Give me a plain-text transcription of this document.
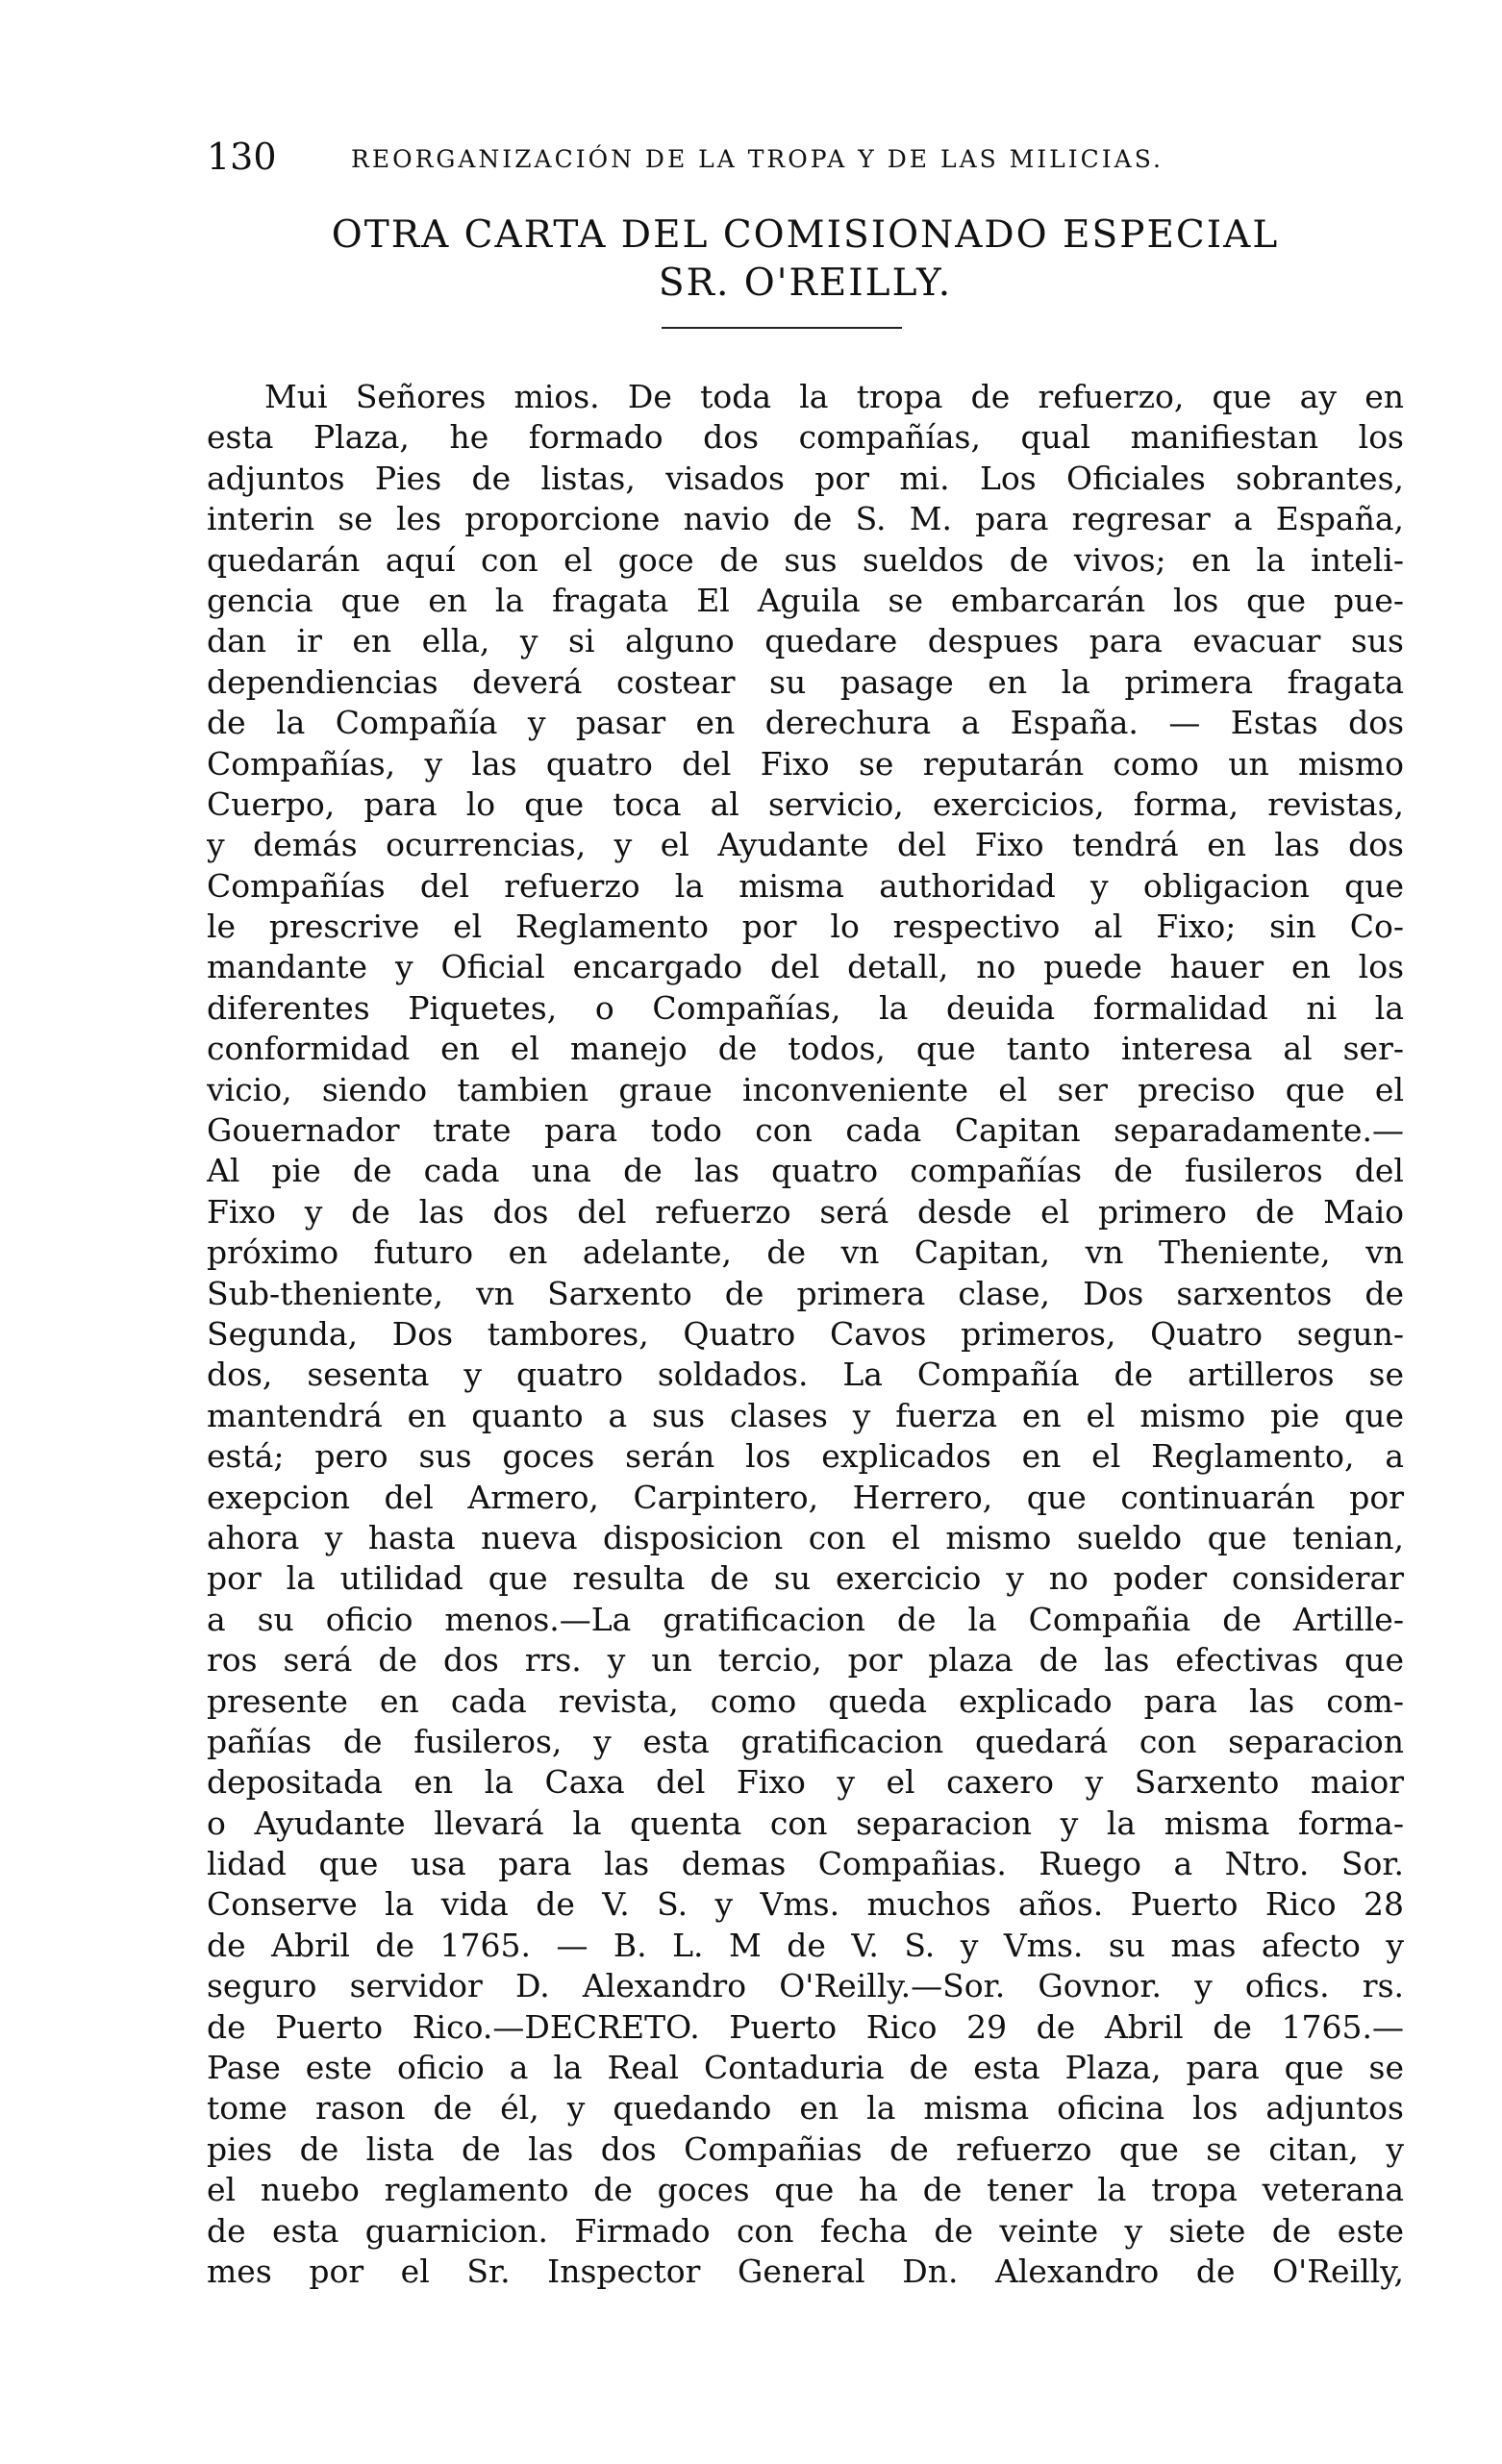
130	REORGANIZACIÓN DE LA TROPA Y DE LAS MILICIAS.
OTRA CARTA DEL COMISIONADO ESPECIAL
SR. O'REILLY.
Mui Señores mios. De toda la tropa de refuerzo, que ay en
esta Plaza, he formado dos compañías, qual manifiestan los
adjuntos Pies de listas, visados por mi. Los Oficiales sobrantes,
interin se les proporcione navio de S. M. para regresar a España,
quedarán aquí con el goce de sus sueldos de vivos; en la inteli-
gencia que en la fragata El Aguila se embarcarán los que pue-
dan ir en ella, y si alguno quedare despues para evacuar sus
dependiencias deverá costear su pasage en la primera fragata
de la Compañía y pasar en derechura a España. — Estas dos
Compañías, y las quatro del Fixo se reputarán como un mismo
Cuerpo, para lo que toca al servicio, exercicios, forma, revistas,
y demás ocurrencias, y el Ayudante del Fixo tendrá en las dos
Compañías del refuerzo la misma authoridad y obligacion que
le prescrive el Reglamento por lo respectivo al Fixo; sin Co-
mandante y Oficial encargado del detall, no puede hauer en los
diferentes Piquetes, o Compañías, la deuida formalidad ni la
conformidad en el manejo de todos, que tanto interesa al ser-
vicio, siendo tambien graue inconveniente el ser preciso que el
Gouernador trate para todo con cada Capitan separadamente.—
Al pie de cada una de las quatro compañías de fusileros del
Fixo y de las dos del refuerzo será desde el primero de Maio
próximo futuro en adelante, de vn Capitan, vn Theniente, vn
Sub-theniente, vn Sarxento de primera clase, Dos sarxentos de
Segunda, Dos tambores, Quatro Cavos primeros, Quatro segun-
dos, sesenta y quatro soldados. La Compañía de artilleros se
mantendrá en quanto a sus clases y fuerza en el mismo pie que
está; pero sus goces serán los explicados en el Reglamento, a
exepcion del Armero, Carpintero, Herrero, que continuarán por
ahora y hasta nueva disposicion con el mismo sueldo que tenian,
por la utilidad que resulta de su exercicio y no poder considerar
a su oficio menos.—La gratificacion de la Compañia de Artille-
ros será de dos rrs. y un tercio, por plaza de las efectivas que
presente en cada revista, como queda explicado para las com-
pañías de fusileros, y esta gratificacion quedará con separacion
depositada en la Caxa del Fixo y el caxero y Sarxento maior
o Ayudante llevará la quenta con separacion y la misma forma-
lidad que usa para las demas Compañias. Ruego a Ntro. Sor.
Conserve la vida de V. S. y Vms. muchos años. Puerto Rico 28
de Abril de 1765. — B. L. M de V. S. y Vms. su mas afecto y
seguro servidor D. Alexandro O'Reilly.—Sor. Govnor. y ofics. rs.
de Puerto Rico.—DECRETO. Puerto Rico 29 de Abril de 1765.—
Pase este oficio a la Real Contaduria de esta Plaza, para que se
tome rason de él, y quedando en la misma oficina los adjuntos
pies de lista de las dos Compañias de refuerzo que se citan, y
el nuebo reglamento de goces que ha de tener la tropa veterana
de esta guarnicion. Firmado con fecha de veinte y siete de este
mes por el Sr. Inspector General Dn. Alexandro de O'Reilly,
